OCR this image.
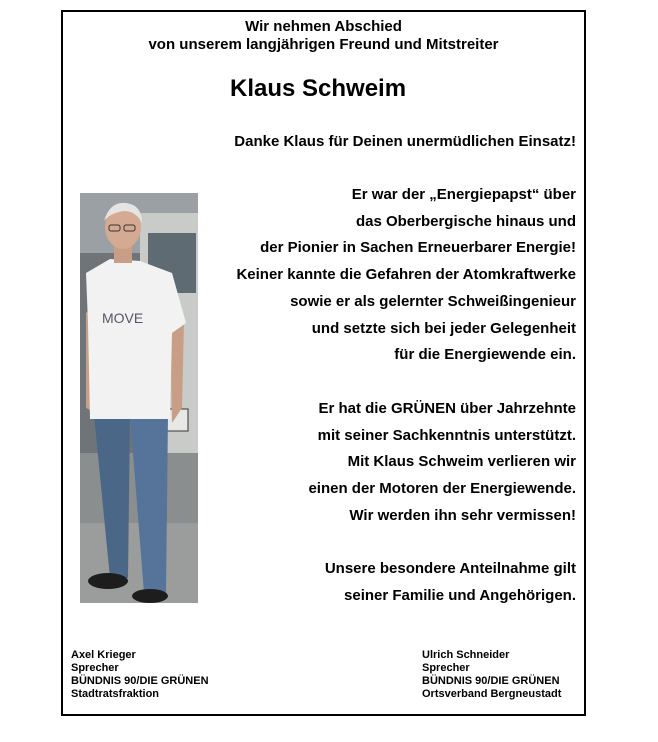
Wir nehmen Abschied
von unserem langjährigen Freund und Mitstreiter
Klaus Schweim
Danke Klaus für Deinen unermüdlichen Einsatz!
MOVE
Er war der „Energiepapst“ über
das Oberbergische hinaus und
der Pionier in Sachen Erneuerbarer Energie!
Keiner kannte die Gefahren der Atomkraftwerke
sowie er als gelernter Schweißingenieur
und setzte sich bei jeder Gelegenheit
für die Energiewende ein.
Er hat die GRÜNEN über Jahrzehnte
mit seiner Sachkenntnis unterstützt.
Mit Klaus Schweim verlieren wir
einen der Motoren der Energiewende.
Wir werden ihn sehr vermissen!
Unsere besondere Anteilnahme gilt
seiner Familie und Angehörigen.
Axel Krieger
Sprecher
BÜNDNIS 90/DIE GRÜNEN
Stadtratsfraktion
Ulrich Schneider
Sprecher
BÜNDNIS 90/DIE GRÜNEN
Ortsverband Bergneustadt
